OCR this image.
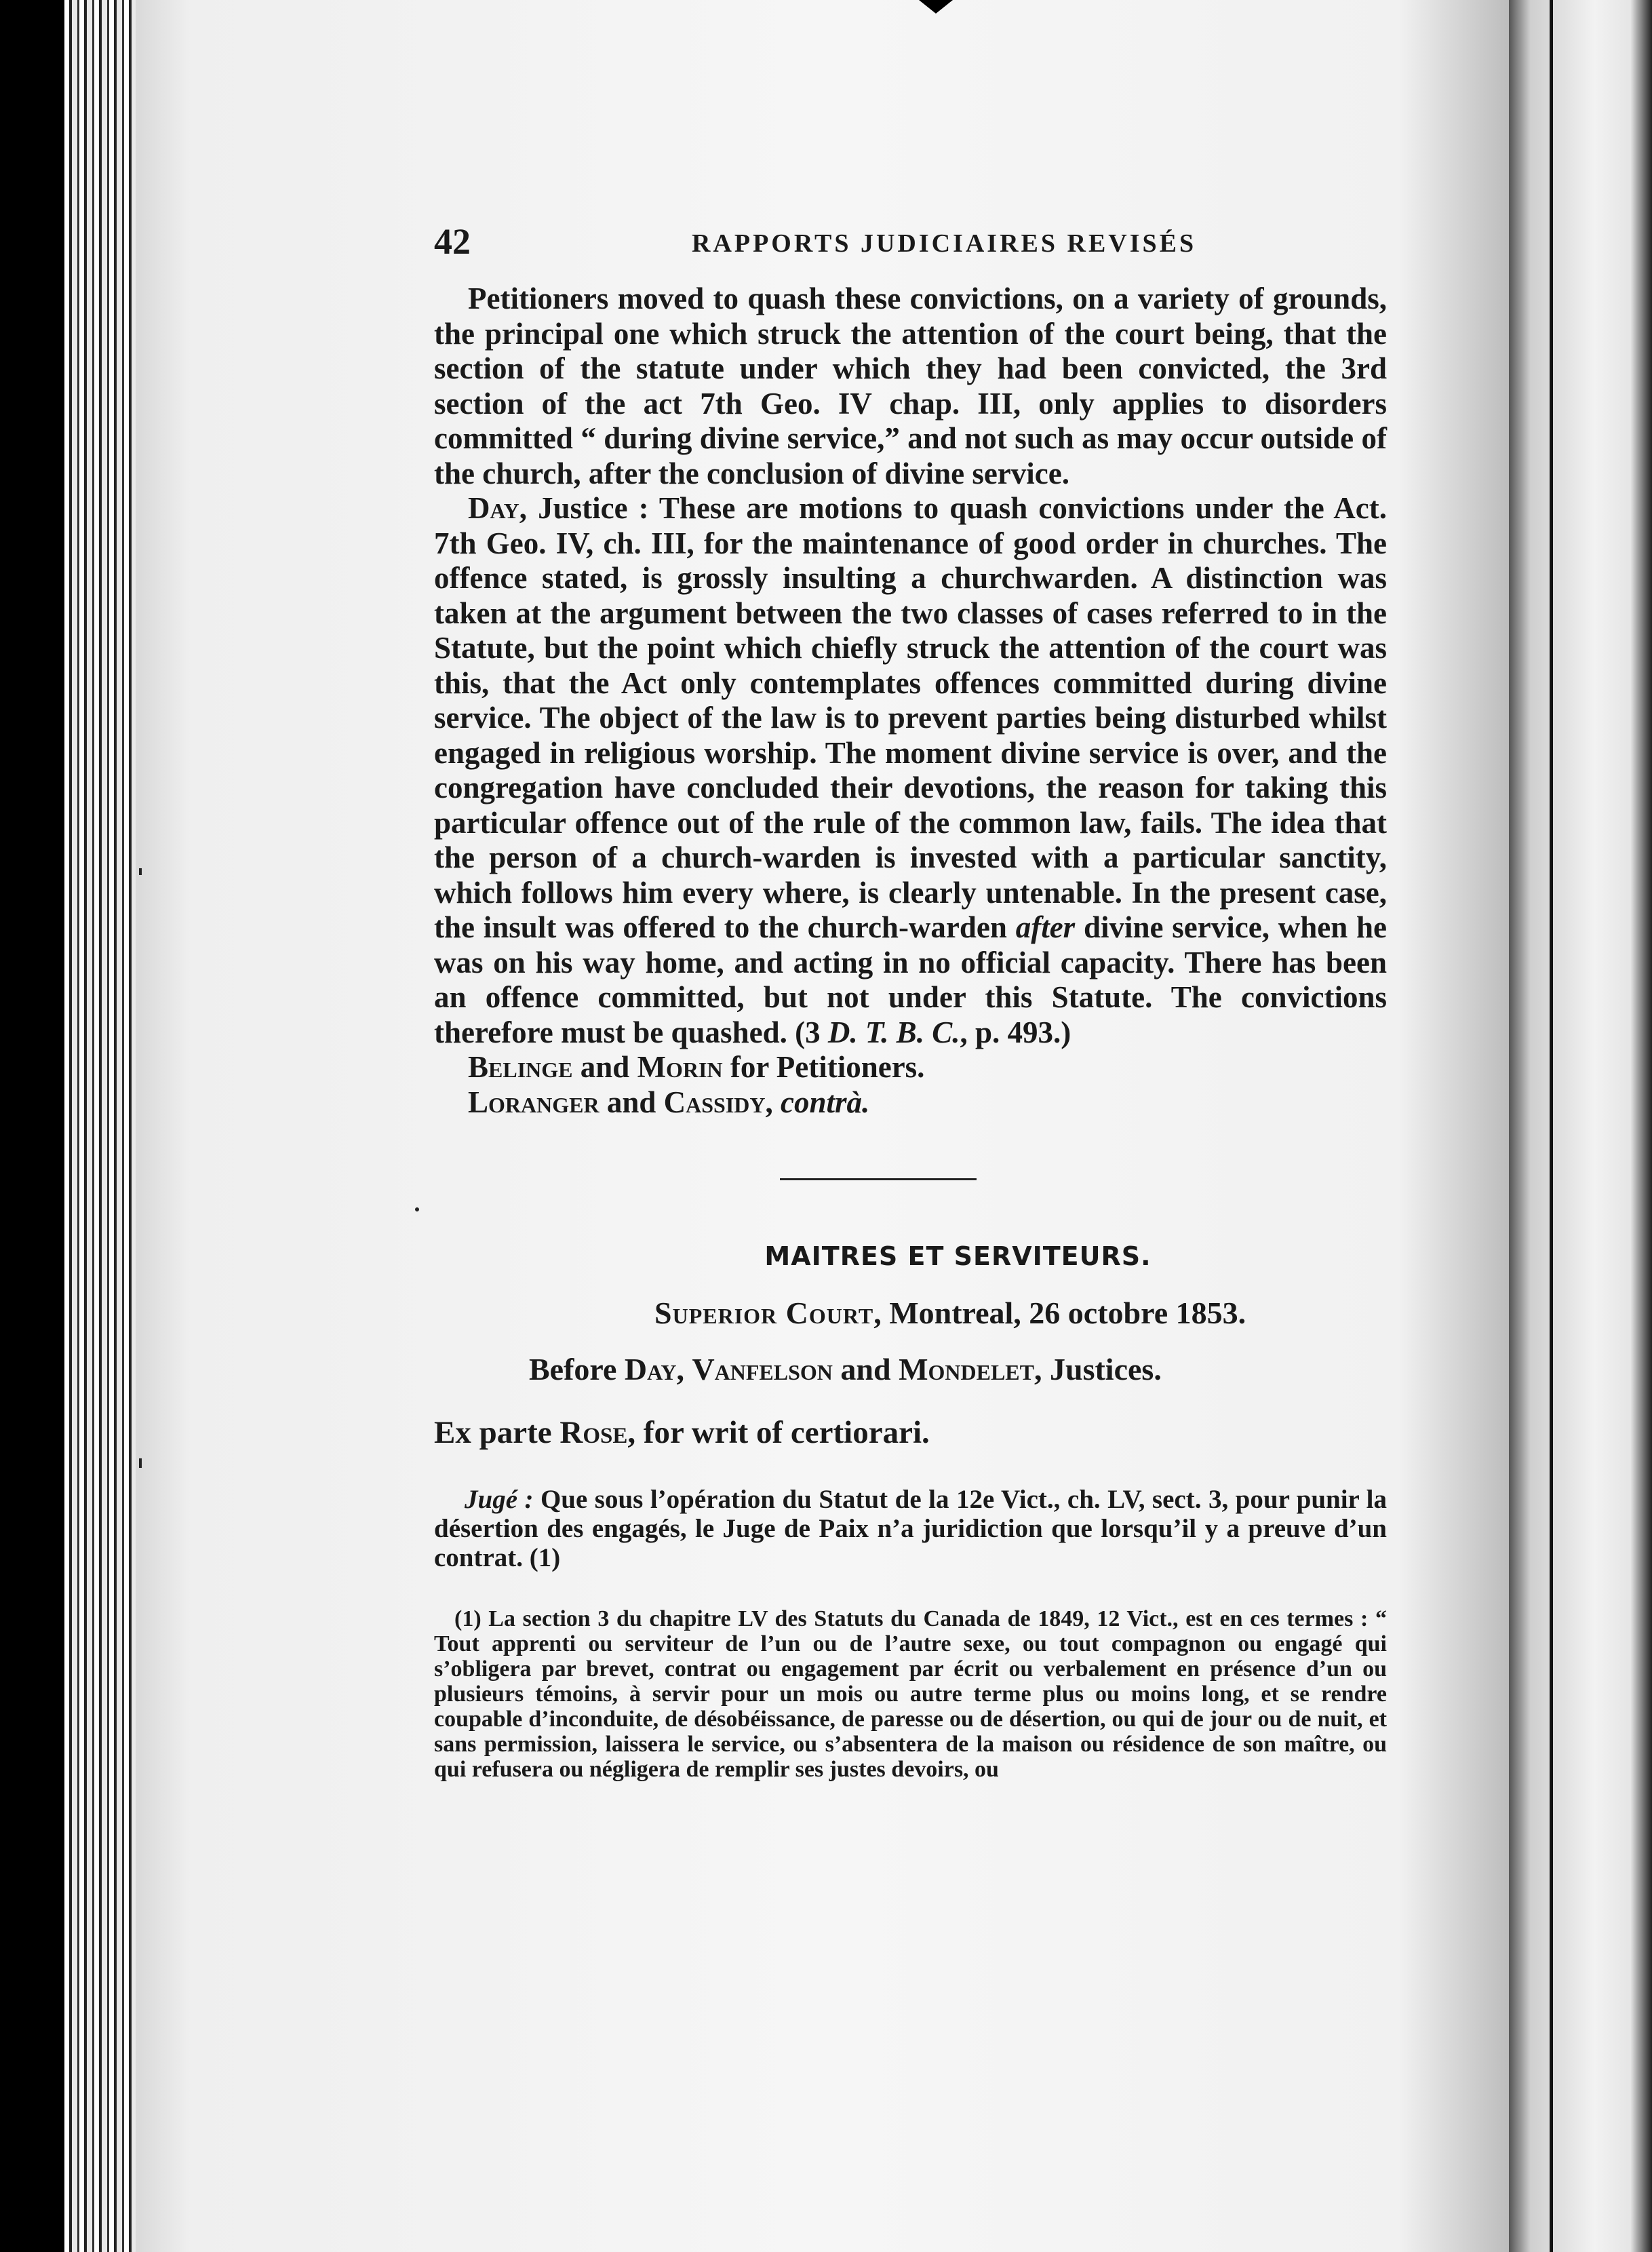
42	RAPPORTS JUDICIAIRES REVISÉS

Petitioners moved to quash these convictions, on a variety of grounds, the principal one which struck the attention of the court being, that the section of the statute under which they had been convicted, the 3rd section of the act 7th Geo. IV chap. III, only applies to disorders committed “ during divine service,” and not such as may occur outside of the church, after the conclusion of divine service.

Day, Justice : These are motions to quash convictions under the Act. 7th Geo. IV, ch. III, for the maintenance of good order in churches. The offence stated, is grossly insulting a churchwarden. A distinction was taken at the argument between the two classes of cases referred to in the Statute, but the point which chiefly struck the attention of the court was this, that the Act only contemplates offences committed during divine service. The object of the law is to prevent parties being disturbed whilst engaged in religious worship. The moment divine service is over, and the congregation have concluded their devotions, the reason for taking this particular offence out of the rule of the common law, fails. The idea that the person of a church-warden is invested with a particular sanctity, which follows him every where, is clearly untenable. In the present case, the insult was offered to the church-warden after divine service, when he was on his way home, and acting in no official capacity. There has been an offence committed, but not under this Statute. The convictions therefore must be quashed. (3 D. T. B. C., p. 493.)

Belinge and Morin for Petitioners.

Loranger and Cassidy, contrà.

MAITRES ET SERVITEURS.
Superior Court, Montreal, 26 octobre 1853.
Before Day, Vanfelson and Mondelet, Justices.
Ex parte Rose, for writ of certiorari.

Jugé : Que sous l’opération du Statut de la 12e Vict., ch. LV, sect. 3, pour punir la désertion des engagés, le Juge de Paix n’a juridiction que lorsqu’il y a preuve d’un contrat. (1)

(1) La section 3 du chapitre LV des Statuts du Canada de 1849, 12 Vict., est en ces termes : “ Tout apprenti ou serviteur de l’un ou de l’autre sexe, ou tout compagnon ou engagé qui s’obligera par brevet, contrat ou engagement par écrit ou verbalement en présence d’un ou plusieurs témoins, à servir pour un mois ou autre terme plus ou moins long, et se rendre coupable d’inconduite, de désobéissance, de paresse ou de désertion, ou qui de jour ou de nuit, et sans permission, laissera le service, ou s’absentera de la maison ou résidence de son maître, ou qui refusera ou négligera de remplir ses justes devoirs, ou
